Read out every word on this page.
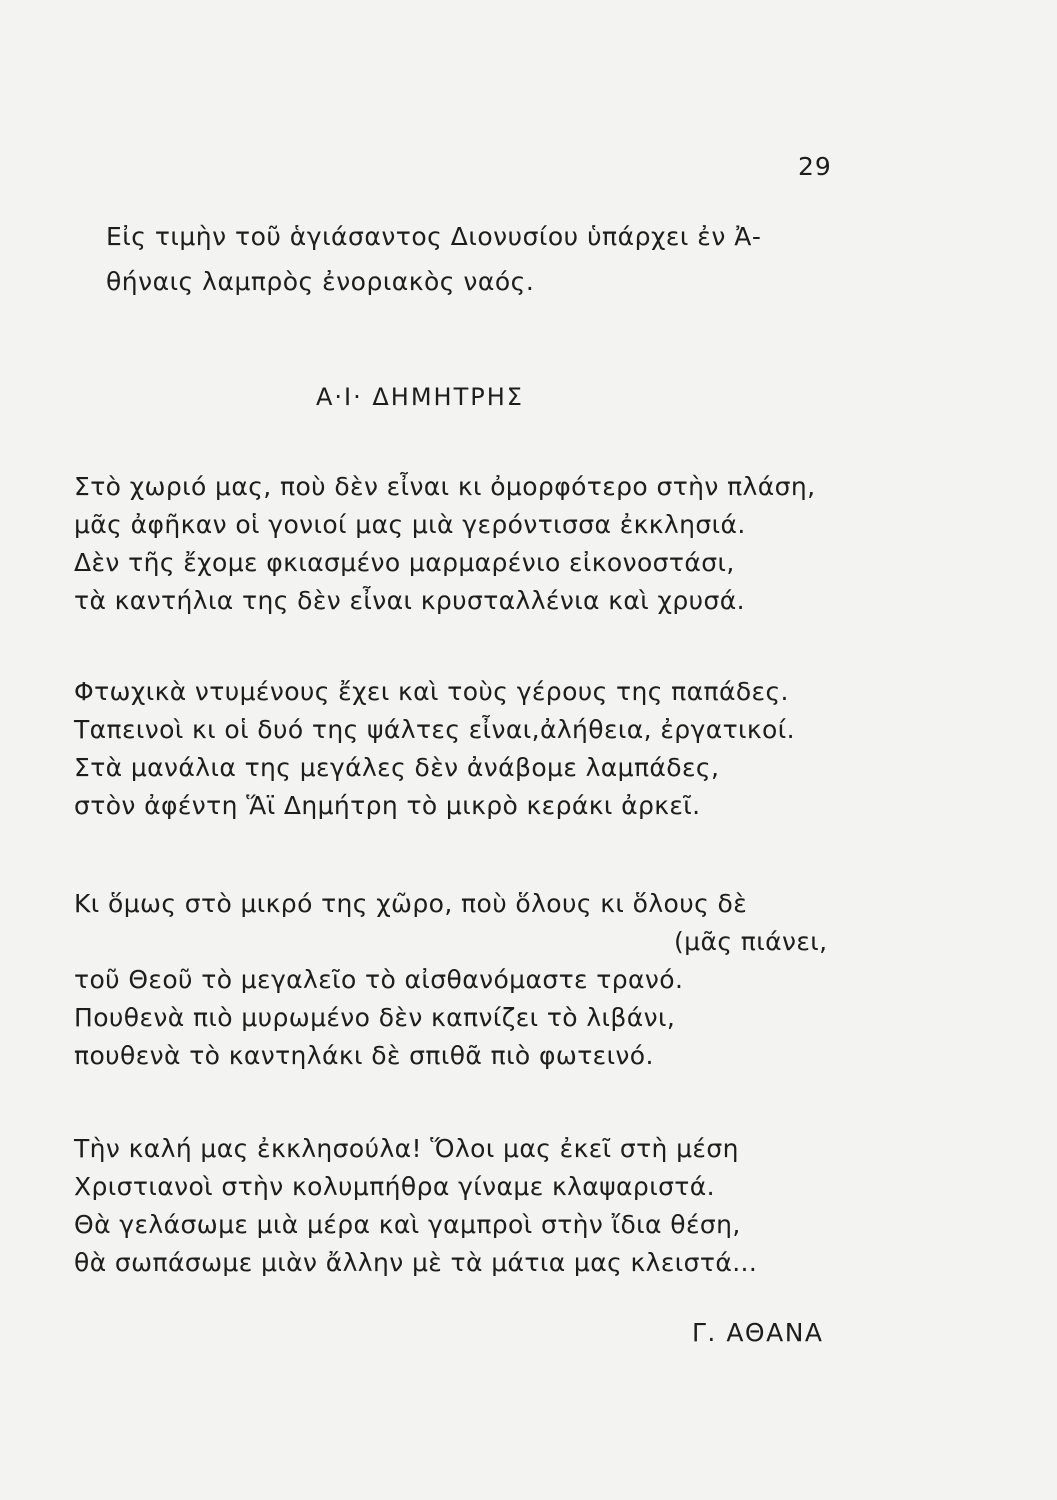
29
Εἰς τιμὴν τοῦ ἁγιάσαντος Διονυσίου ὑπάρχει ἐν Ἀ-
θήναις λαμπρὸς ἐνοριακὸς ναός.
Α·Ι· ΔΗΜΗΤΡΗΣ
Στὸ χωριό μας, ποὺ δὲν εἶναι κι ὀμορφότερο στὴν πλάση,
μᾶς ἀφῆκαν οἱ γονιοί μας μιὰ γερόντισσα ἐκκλησιά.
Δὲν τῆς ἔχομε φκιασμένο μαρμαρένιο εἰκονοστάσι,
τὰ καντήλια της δὲν εἶναι κρυσταλλένια καὶ χρυσά.
Φτωχικὰ ντυμένους ἔχει καὶ τοὺς γέρους της παπάδες.
Ταπεινοὶ κι οἱ δυό της ψάλτες εἶναι,ἀλήθεια, ἐργατικοί.
Στὰ μανάλια της μεγάλες δὲν ἀνάβομε λαμπάδες,
στὸν ἀφέντη Ἅϊ Δημήτρη τὸ μικρὸ κεράκι ἀρκεῖ.
Κι ὅμως στὸ μικρό της χῶρο, ποὺ ὅλους κι ὅλους δὲ
(μᾶς πιάνει,
τοῦ Θεοῦ τὸ μεγαλεῖο τὸ αἰσθανόμαστε τρανό.
Πουθενὰ πιὸ μυρωμένο δὲν καπνίζει τὸ λιβάνι,
πουθενὰ τὸ καντηλάκι δὲ σπιθᾶ πιὸ φωτεινό.
Τὴν καλή μας ἐκκλησούλα! Ὅλοι μας ἐκεῖ στὴ μέση
Χριστιανοὶ στὴν κολυμπήθρα γίναμε κλαψαριστά.
Θὰ γελάσωμε μιὰ μέρα καὶ γαμπροὶ στὴν ἴδια θέση,
θὰ σωπάσωμε μιὰν ἄλλην μὲ τὰ μάτια μας κλειστά...
Γ. ΑΘΑΝΑ
